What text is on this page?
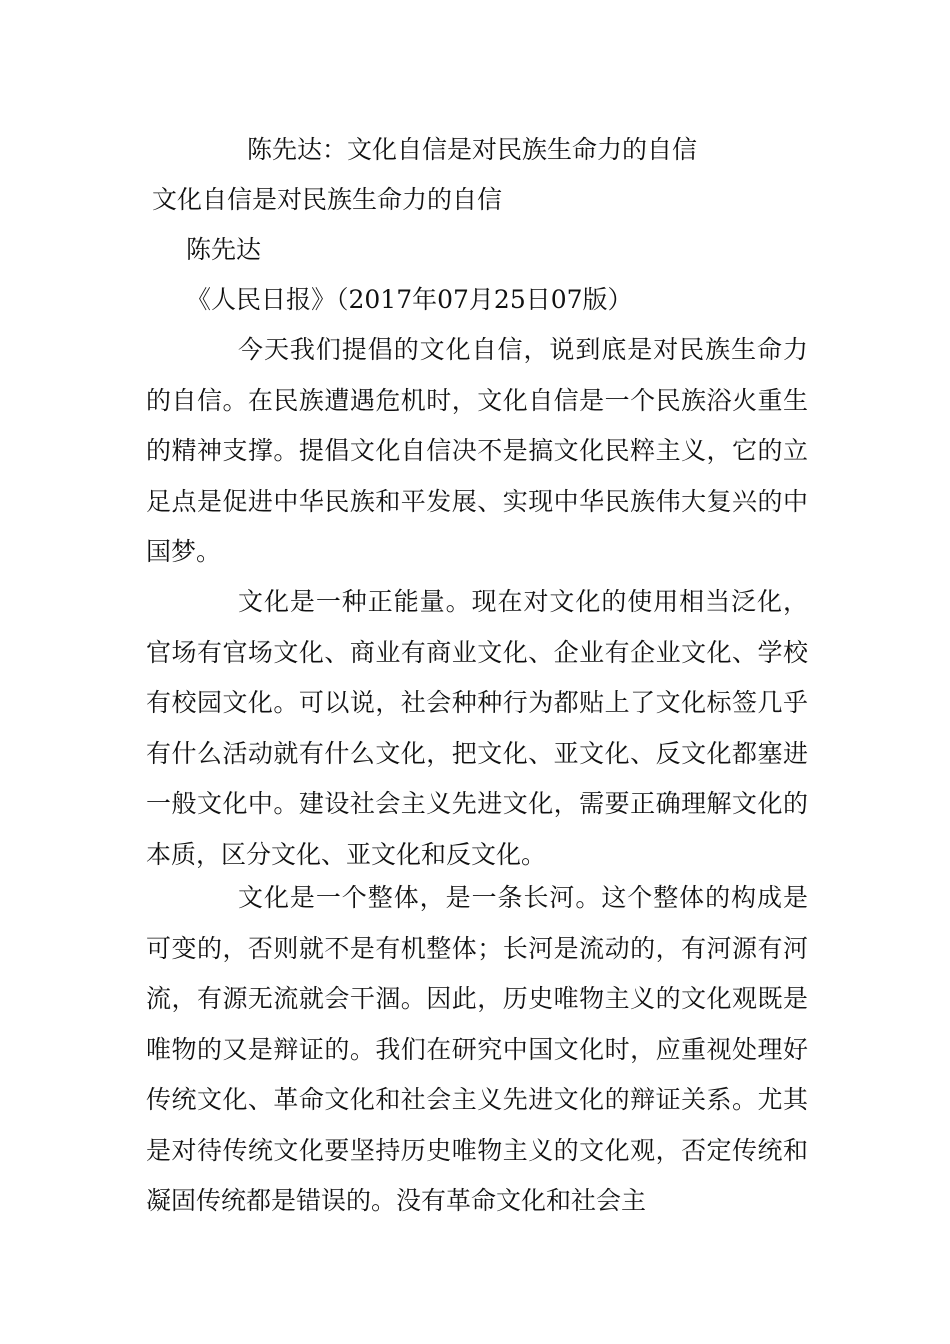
陈先达：文化自信是对民族生命力的自信
文化自信是对民族生命力的自信
陈先达
《人民日报》（2017年07月25日07版）

今天我们提倡的文化自信，说到底是对民族生命力的自信。在民族遭遇危机时，文化自信是一个民族浴火重生的精神支撑。提倡文化自信决不是搞文化民粹主义，它的立足点是促进中华民族和平发展、实现中华民族伟大复兴的中国梦。

文化是一种正能量。现在对文化的使用相当泛化，官场有官场文化、商业有商业文化、企业有企业文化、学校有校园文化。可以说，社会种种行为都贴上了文化标签几乎有什么活动就有什么文化，把文化、亚文化、反文化都塞进一般文化中。建设社会主义先进文化，需要正确理解文化的本质，区分文化、亚文化和反文化。

文化是一个整体，是一条长河。这个整体的构成是可变的，否则就不是有机整体；长河是流动的，有河源有河流，有源无流就会干涸。因此，历史唯物主义的文化观既是唯物的又是辩证的。我们在研究中国文化时，应重视处理好传统文化、革命文化和社会主义先进文化的辩证关系。尤其是对待传统文化要坚持历史唯物主义的文化观，否定传统和凝固传统都是错误的。没有革命文化和社会主
